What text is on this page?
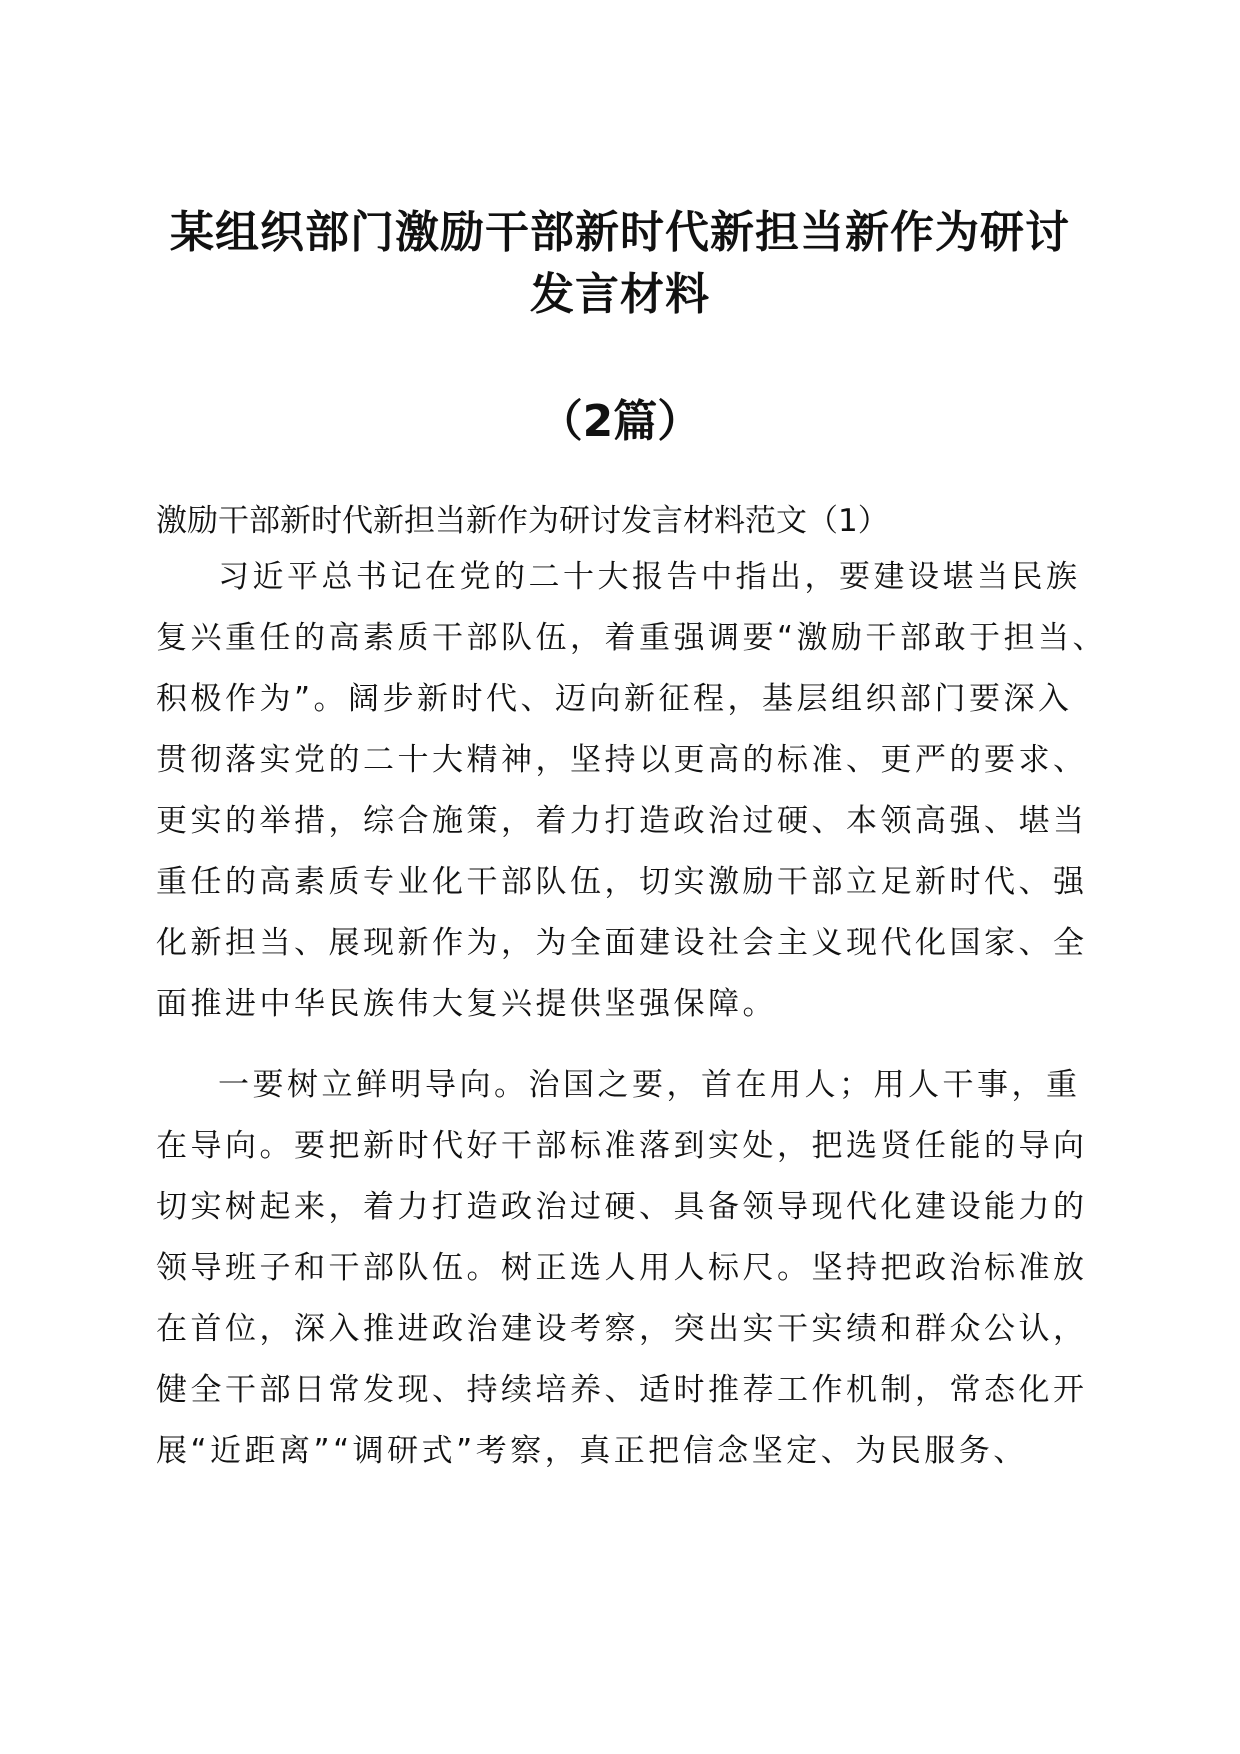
某组织部门激励干部新时代新担当新作为研讨
发言材料
（2篇）
激励干部新时代新担当新作为研讨发言材料范文（1）
习近平总书记在党的二十大报告中指出，要建设堪当民族
复兴重任的高素质干部队伍，着重强调要“激励干部敢于担当、
积极作为”。阔步新时代、迈向新征程，基层组织部门要深入
贯彻落实党的二十大精神，坚持以更高的标准、更严的要求、
更实的举措，综合施策，着力打造政治过硬、本领高强、堪当
重任的高素质专业化干部队伍，切实激励干部立足新时代、强
化新担当、展现新作为，为全面建设社会主义现代化国家、全
面推进中华民族伟大复兴提供坚强保障。
一要树立鲜明导向。治国之要，首在用人；用人干事，重
在导向。要把新时代好干部标准落到实处，把选贤任能的导向
切实树起来，着力打造政治过硬、具备领导现代化建设能力的
领导班子和干部队伍。树正选人用人标尺。坚持把政治标准放
在首位，深入推进政治建设考察，突出实干实绩和群众公认，
健全干部日常发现、持续培养、适时推荐工作机制，常态化开
展“近距离”“调研式”考察，真正把信念坚定、为民服务、
